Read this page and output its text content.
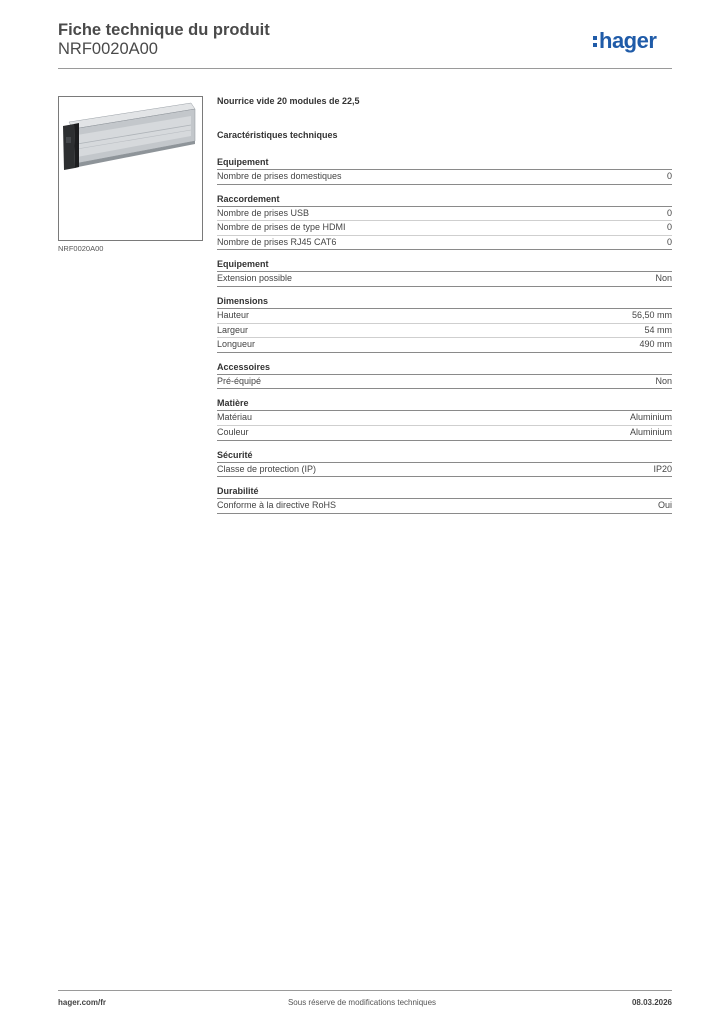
Fiche technique du produit
NRF0020A00	hager
NRF0020A00
Nourrice vide 20 modules de 22,5
Caractéristiques techniques
Equipement
Nombre de prises domestiques	0
Raccordement
Nombre de prises USB	0
Nombre de prises de type HDMI	0
Nombre de prises RJ45 CAT6	0
Equipement
Extension possible	Non
Dimensions
Hauteur	56,50 mm
Largeur	54 mm
Longueur	490 mm
Accessoires
Pré-équipé	Non
Matière
Matériau	Aluminium
Couleur	Aluminium
Sécurité
Classe de protection (IP)	IP20
Durabilité
Conforme à la directive RoHS	Oui
hager.com/fr	Sous réserve de modifications techniques	08.03.2026
